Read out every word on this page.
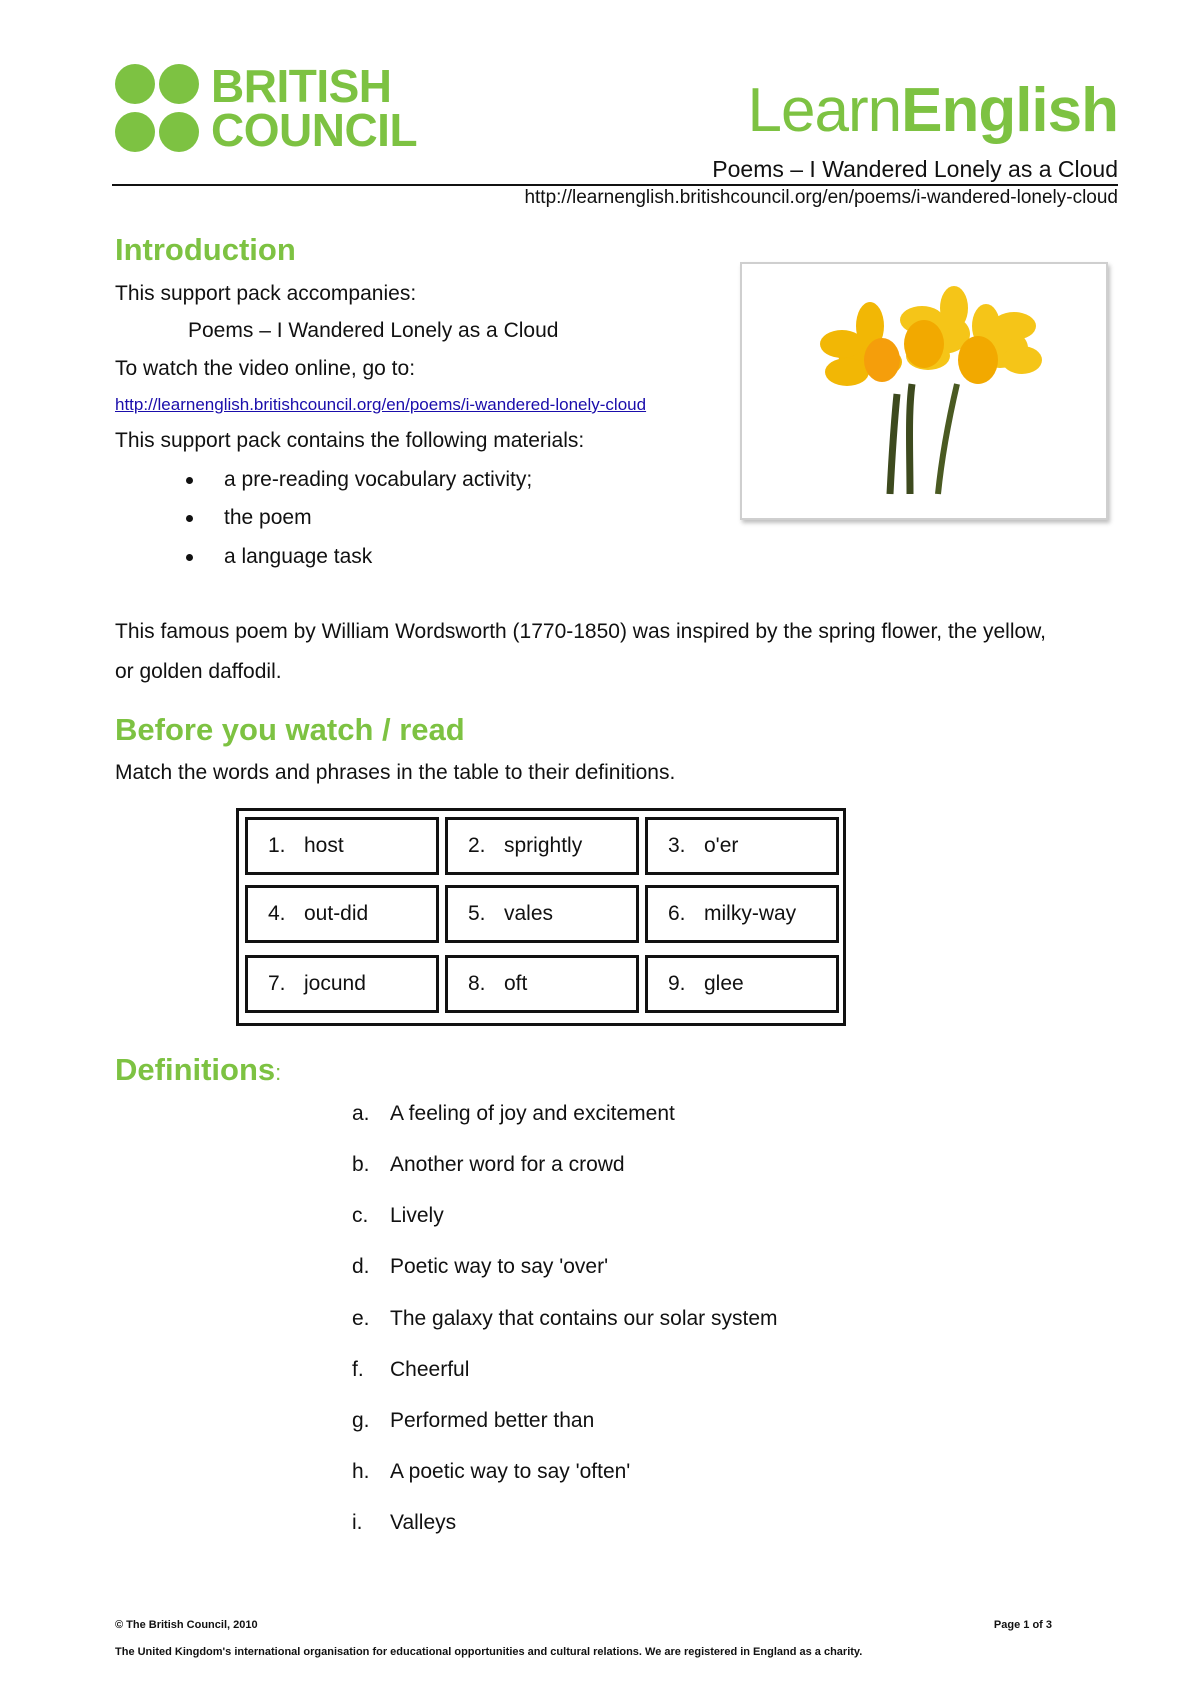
BRITISH
COUNCIL	LearnEnglish
Poems – I Wandered Lonely as a Cloud
http://learnenglish.britishcouncil.org/en/poems/i-wandered-lonely-cloud
Introduction
This support pack accompanies:
Poems – I Wandered Lonely as a Cloud
To watch the video online, go to:
http://learnenglish.britishcouncil.org/en/poems/i-wandered-lonely-cloud
This support pack contains the following materials:
a pre-reading vocabulary activity;
the poem
a language task
This famous poem by William Wordsworth (1770-1850) was inspired by the spring flower, the yellow,
or golden daffodil.
Before you watch / read
Match the words and phrases in the table to their definitions.
1. host	2. sprightly	3. o'er
4. out-did	5. vales	6. milky-way
7. jocund	8. oft	9. glee
Definitions:
a. A feeling of joy and excitement
b. Another word for a crowd
c. Lively
d. Poetic way to say 'over'
e. The galaxy that contains our solar system
f. Cheerful
g. Performed better than
h. A poetic way to say 'often'
i. Valleys
© The British Council, 2010	Page 1 of 3
The United Kingdom's international organisation for educational opportunities and cultural relations. We are registered in England as a charity.
